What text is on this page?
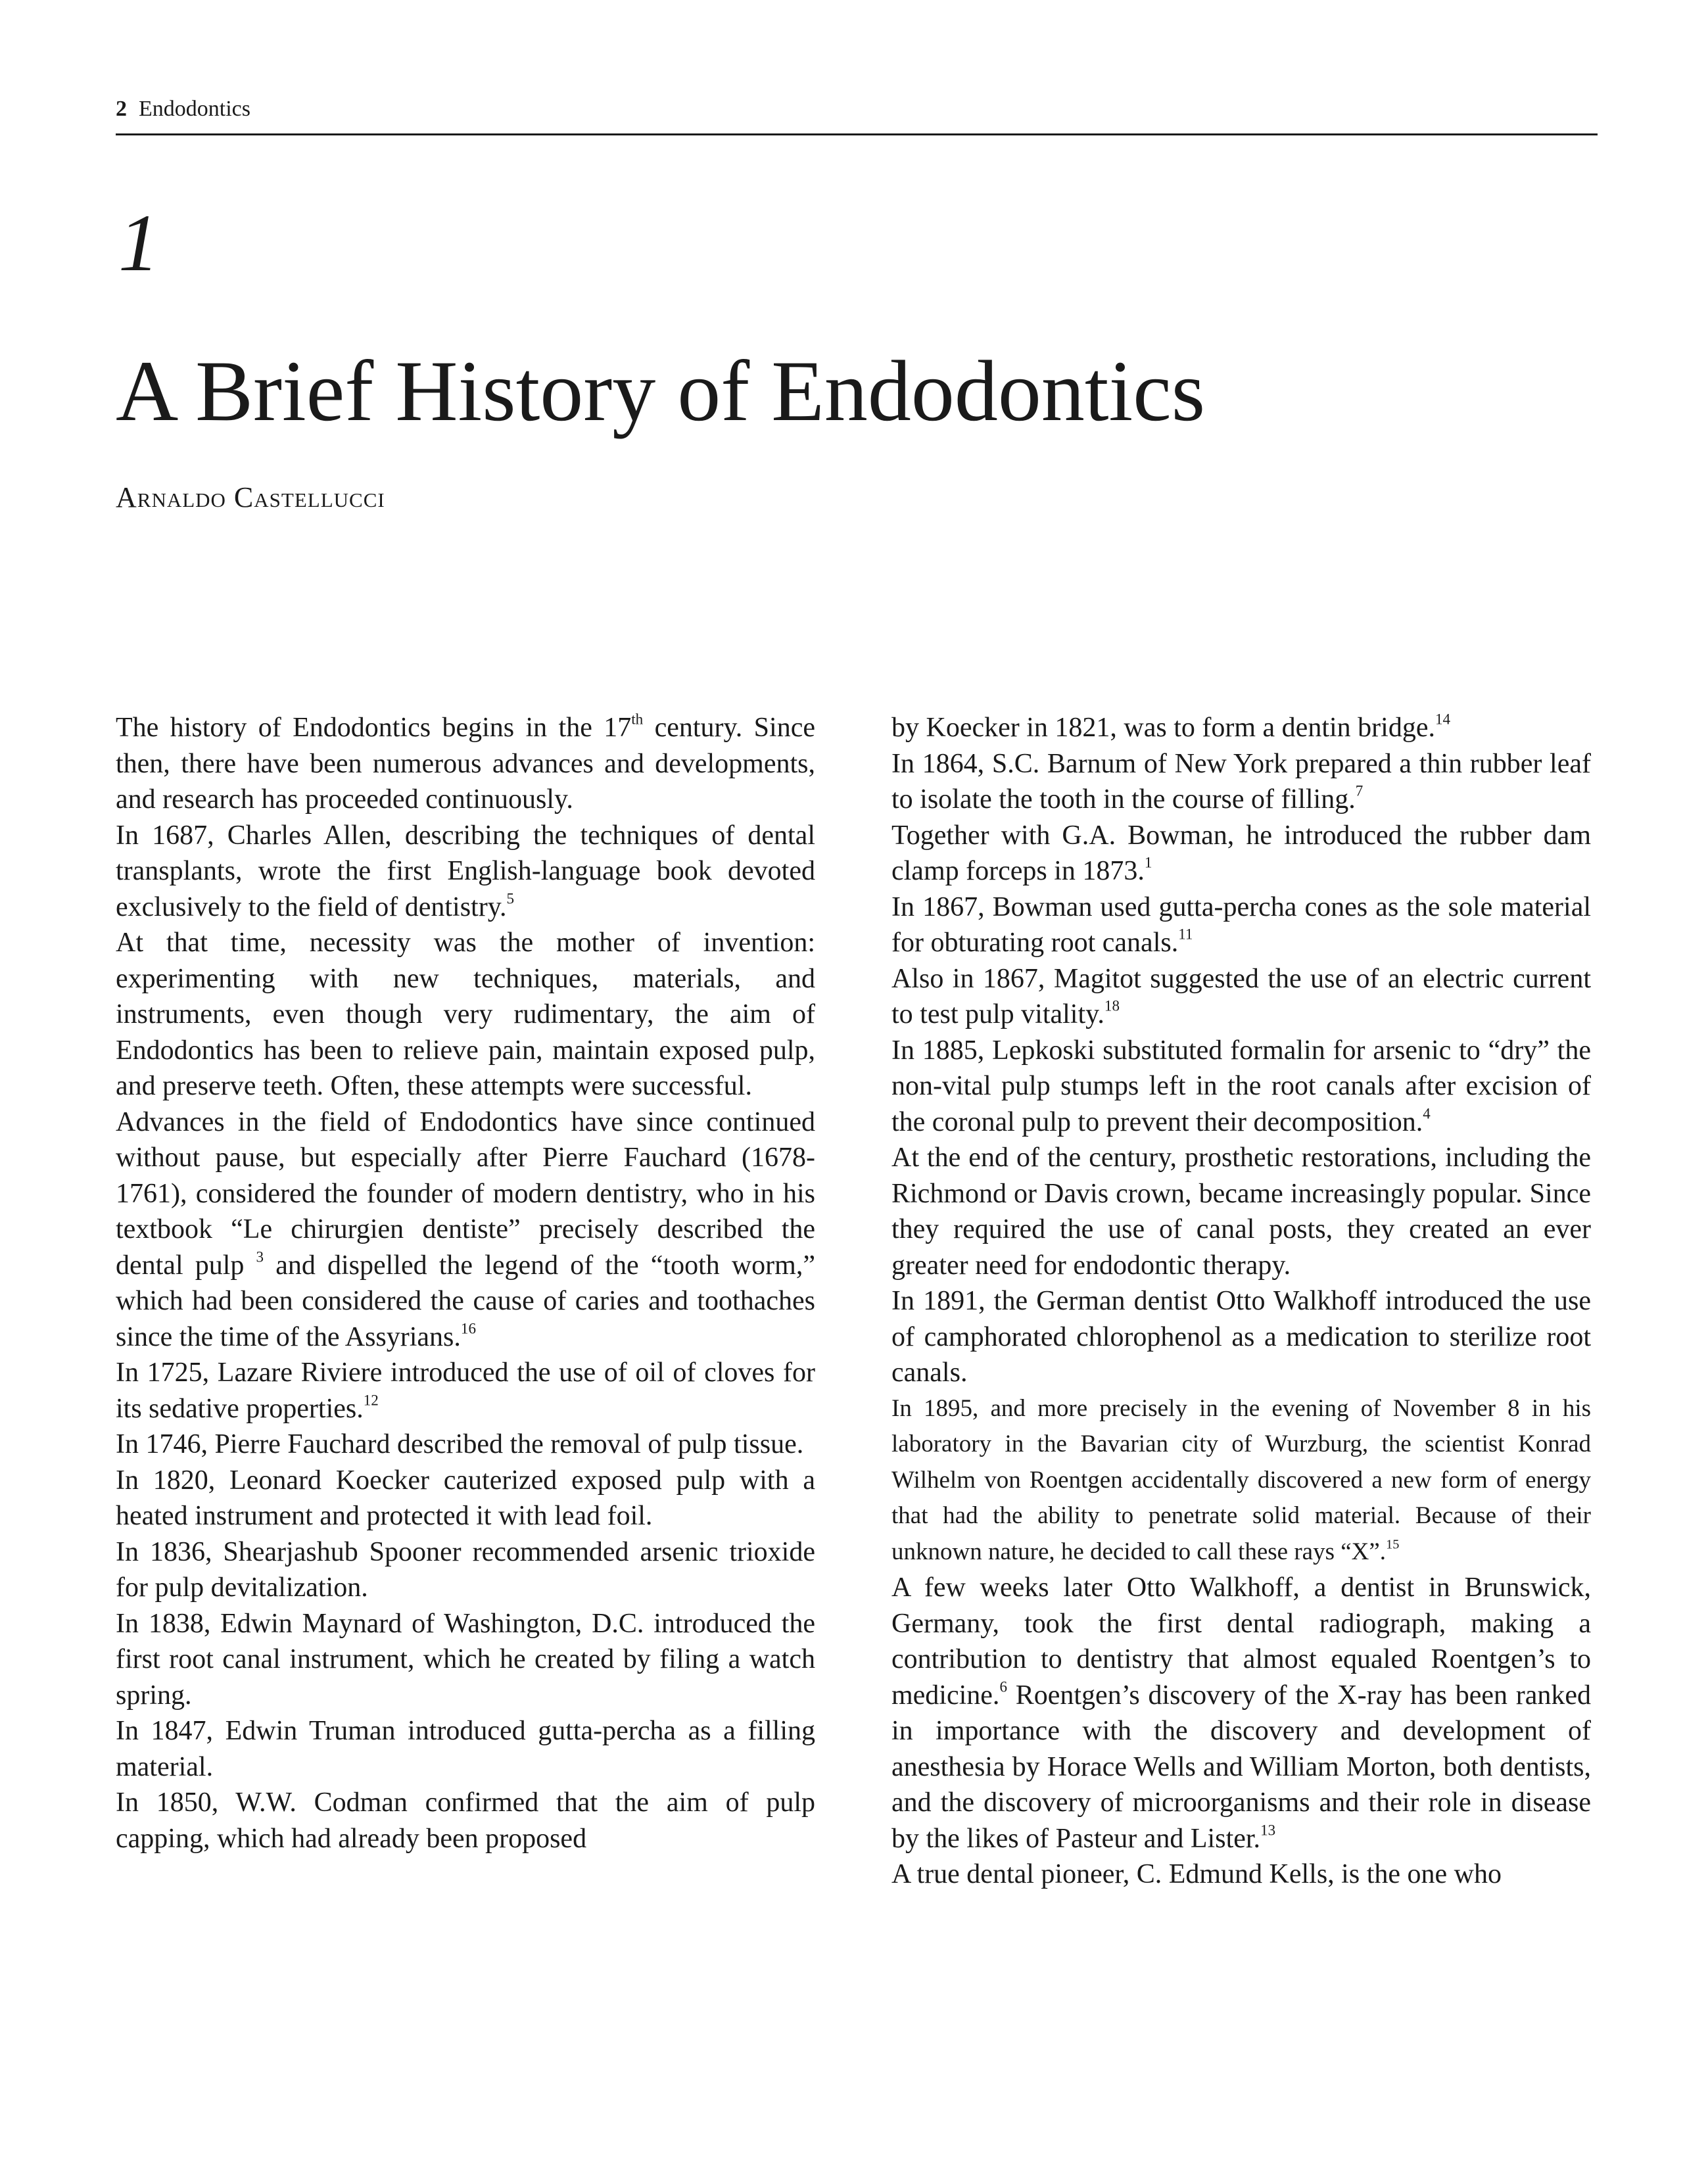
2 Endodontics
1
A Brief History of Endodontics
Arnaldo Castellucci

The history of Endodontics begins in the 17th century. Since then, there have been numerous advances and developments, and research has proceeded continuously.

In 1687, Charles Allen, describing the techniques of dental transplants, wrote the first English-language book devoted exclusively to the field of dentistry.$^5$

At that time, necessity was the mother of invention: experimenting with new techniques, materials, and instruments, even though very rudimentary, the aim of Endodontics has been to relieve pain, maintain exposed pulp, and preserve teeth. Often, these attempts were successful.

Advances in the field of Endodontics have since continued without pause, but especially after Pierre Fauchard (1678-1761), considered the founder of modern dentistry, who in his textbook “Le chirurgien dentiste” precisely described the dental pulp $^3$ and dispelled the legend of the “tooth worm,” which had been considered the cause of caries and toothaches since the time of the Assyrians.$^{16}$

In 1725, Lazare Riviere introduced the use of oil of cloves for its sedative properties.$^{12}$

In 1746, Pierre Fauchard described the removal of pulp tissue.

In 1820, Leonard Koecker cauterized exposed pulp with a heated instrument and protected it with lead foil.

In 1836, Shearjashub Spooner recommended arsenic trioxide for pulp devitalization.

In 1838, Edwin Maynard of Washington, D.C. introduced the first root canal instrument, which he created by filing a watch spring.

In 1847, Edwin Truman introduced gutta-percha as a filling material.

In 1850, W.W. Codman confirmed that the aim of pulp capping, which had already been proposed

by Koecker in 1821, was to form a dentin bridge.$^{14}$

In 1864, S.C. Barnum of New York prepared a thin rubber leaf to isolate the tooth in the course of filling.$^7$

Together with G.A. Bowman, he introduced the rubber dam clamp forceps in 1873.$^1$

In 1867, Bowman used gutta-percha cones as the sole material for obturating root canals.$^{11}$

Also in 1867, Magitot suggested the use of an electric current to test pulp vitality.$^{18}$

In 1885, Lepkoski substituted formalin for arsenic to “dry” the non-vital pulp stumps left in the root canals after excision of the coronal pulp to prevent their decomposition.$^4$

At the end of the century, prosthetic restorations, including the Richmond or Davis crown, became increasingly popular. Since they required the use of canal posts, they created an ever greater need for endodontic therapy.

In 1891, the German dentist Otto Walkhoff introduced the use of camphorated chlorophenol as a medication to sterilize root canals.

In 1895, and more precisely in the evening of November 8 in his laboratory in the Bavarian city of Wurzburg, the scientist Konrad Wilhelm von Roentgen accidentally discovered a new form of energy that had the ability to penetrate solid material. Because of their unknown nature, he decided to call these rays “X”.$^{15}$

A few weeks later Otto Walkhoff, a dentist in Brunswick, Germany, took the first dental radiograph, making a contribution to dentistry that almost equaled Roentgen’s to medicine.$^6$ Roentgen’s discovery of the X-ray has been ranked in importance with the discovery and development of anesthesia by Horace Wells and William Morton, both dentists, and the discovery of microorganisms and their role in disease by the likes of Pasteur and Lister.$^{13}$

A true dental pioneer, C. Edmund Kells, is the one who
